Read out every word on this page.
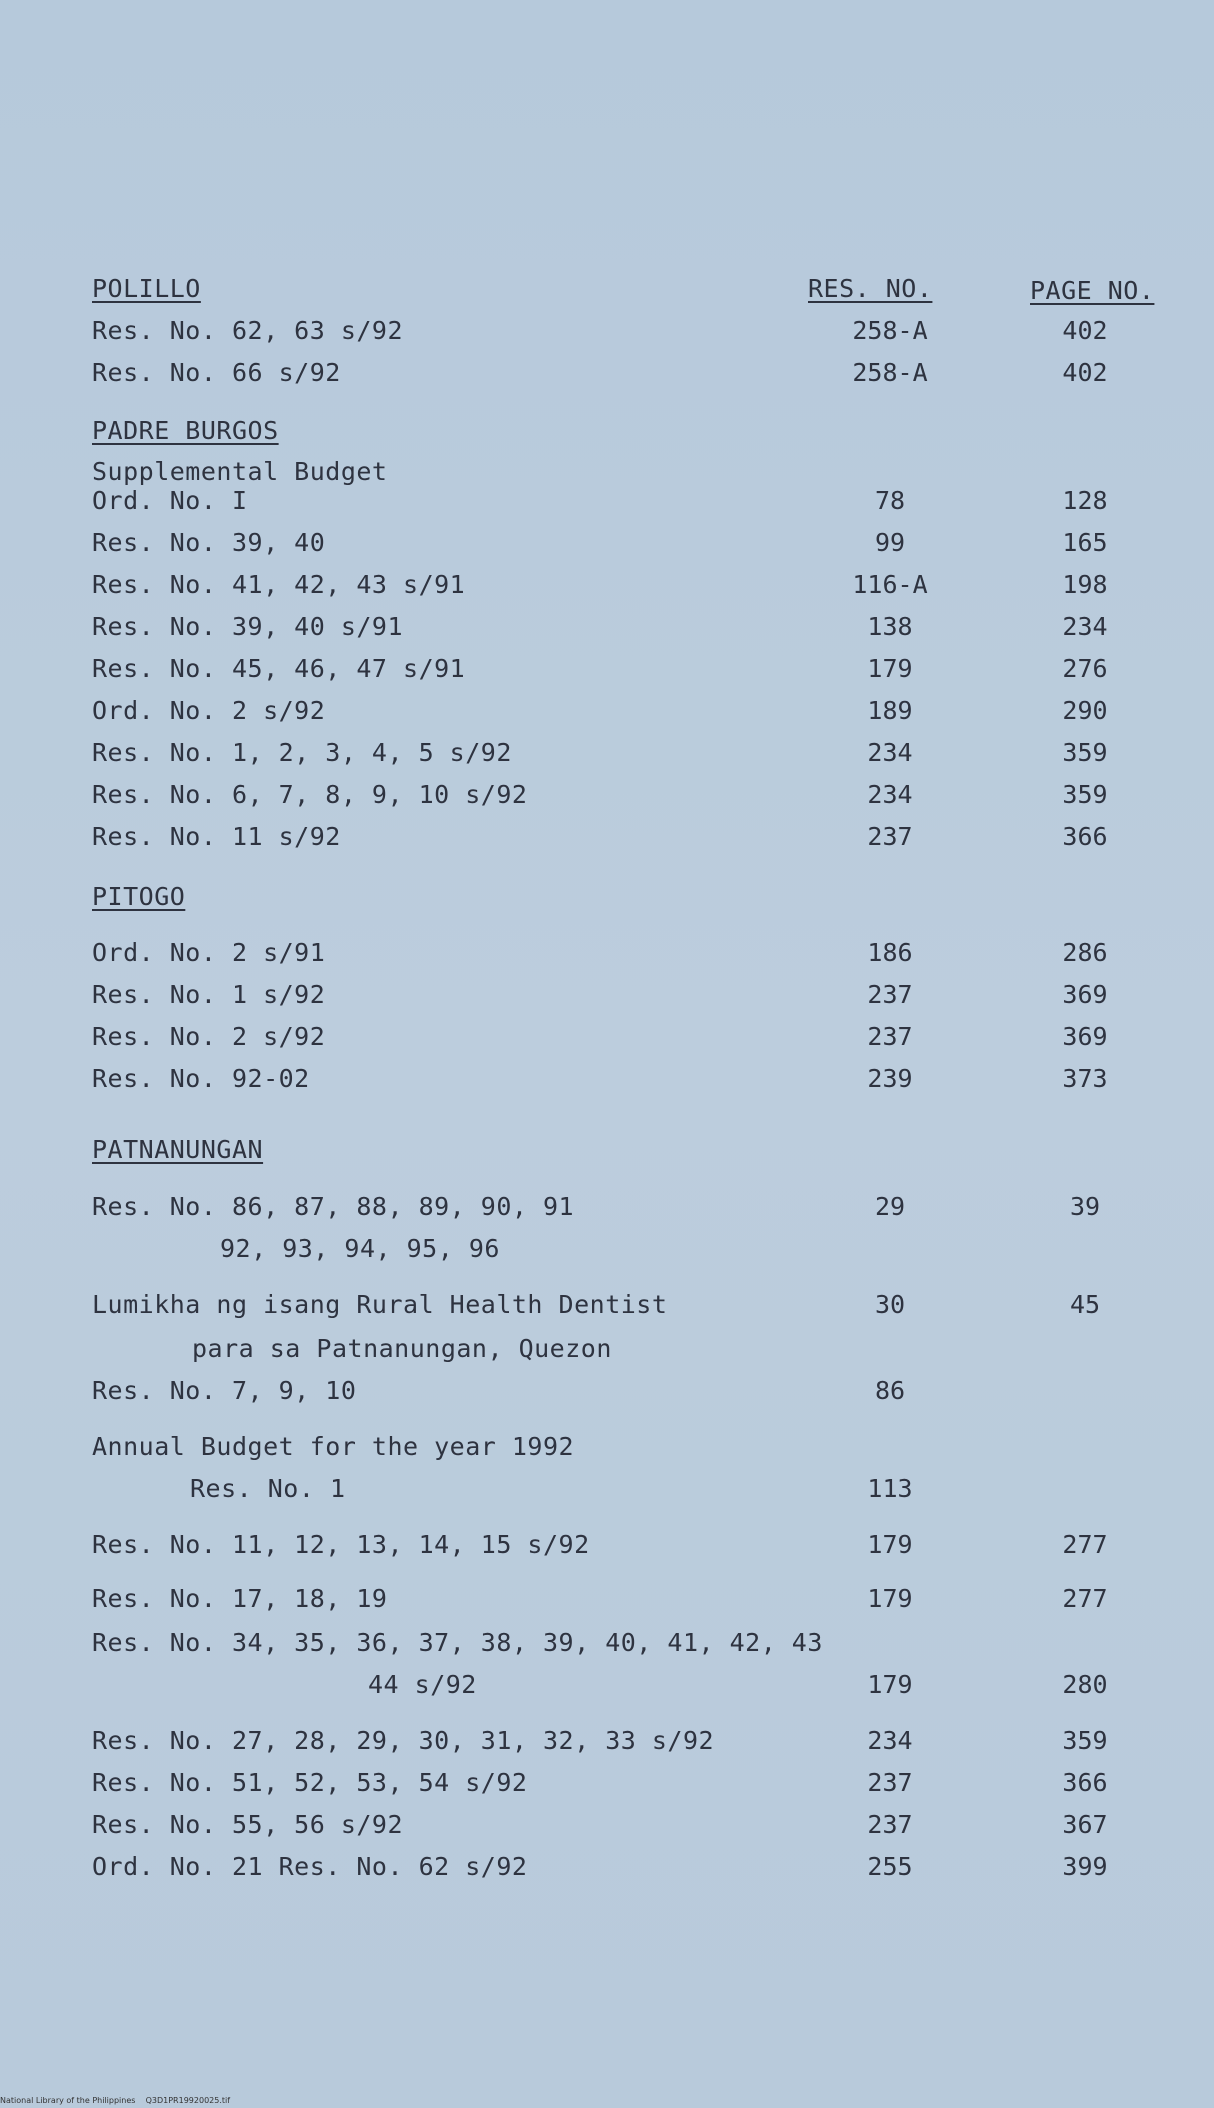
POLILLO	RES. NO.	PAGE NO.
Res. No. 62, 63 s/92	258-A	402
Res. No. 66 s/92	258-A	402
PADRE BURGOS
Supplemental Budget
Ord. No. I	78	128
Res. No. 39, 40	99	165
Res. No. 41, 42, 43 s/91	116-A	198
Res. No. 39, 40 s/91	138	234
Res. No. 45, 46, 47 s/91	179	276
Ord. No. 2 s/92	189	290
Res. No. 1, 2, 3, 4, 5 s/92	234	359
Res. No. 6, 7, 8, 9, 10 s/92	234	359
Res. No. 11 s/92	237	366
PITOGO
Ord. No. 2 s/91	186	286
Res. No. 1 s/92	237	369
Res. No. 2 s/92	237	369
Res. No. 92-02	239	373
PATNANUNGAN
Res. No. 86, 87, 88, 89, 90, 91	29	39
92, 93, 94, 95, 96
Lumikha ng isang Rural Health Dentist	30	45
para sa Patnanungan, Quezon
Res. No. 7, 9, 10	86
Annual Budget for the year 1992
Res. No. 1	113
Res. No. 11, 12, 13, 14, 15 s/92	179	277
Res. No. 17, 18, 19	179	277
Res. No. 34, 35, 36, 37, 38, 39, 40, 41, 42, 43
44 s/92	179	280
Res. No. 27, 28, 29, 30, 31, 32, 33 s/92	234	359
Res. No. 51, 52, 53, 54 s/92	237	366
Res. No. 55, 56 s/92	237	367
Ord. No. 21 Res. No. 62 s/92	255	399
National Library of the Philippines    Q3D1PR19920025.tif
